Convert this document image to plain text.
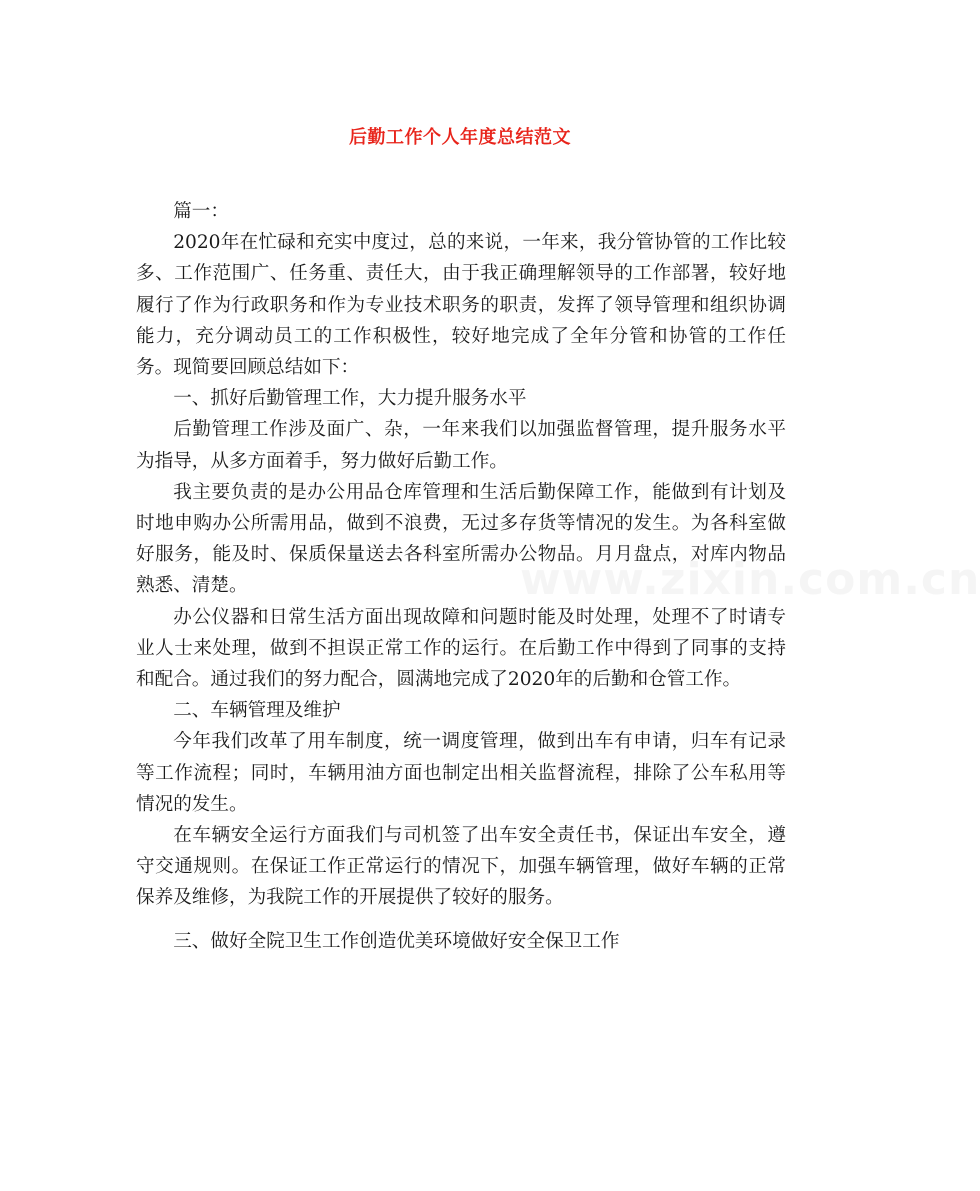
后勤工作个人年度总结范文

篇一：

2020年在忙碌和充实中度过，总的来说，一年来，我分管协管的工作比较多、工作范围广、任务重、责任大，由于我正确理解领导的工作部署，较好地履行了作为行政职务和作为专业技术职务的职责，发挥了领导管理和组织协调能力，充分调动员工的工作积极性，较好地完成了全年分管和协管的工作任务。现简要回顾总结如下：

一、抓好后勤管理工作，大力提升服务水平

后勤管理工作涉及面广、杂，一年来我们以加强监督管理，提升服务水平为指导，从多方面着手，努力做好后勤工作。

我主要负责的是办公用品仓库管理和生活后勤保障工作，能做到有计划及时地申购办公所需用品，做到不浪费，无过多存货等情况的发生。为各科室做好服务，能及时、保质保量送去各科室所需办公物品。月月盘点，对库内物品熟悉、清楚。

办公仪器和日常生活方面出现故障和问题时能及时处理，处理不了时请专业人士来处理，做到不担误正常工作的运行。在后勤工作中得到了同事的支持和配合。通过我们的努力配合，圆满地完成了2020年的后勤和仓管工作。

二、车辆管理及维护

今年我们改革了用车制度，统一调度管理，做到出车有申请，归车有记录等工作流程；同时，车辆用油方面也制定出相关监督流程，排除了公车私用等情况的发生。

在车辆安全运行方面我们与司机签了出车安全责任书，保证出车安全，遵守交通规则。在保证工作正常运行的情况下，加强车辆管理，做好车辆的正常保养及维修，为我院工作的开展提供了较好的服务。

三、做好全院卫生工作创造优美环境做好安全保卫工作

www.zixin.com.cn
